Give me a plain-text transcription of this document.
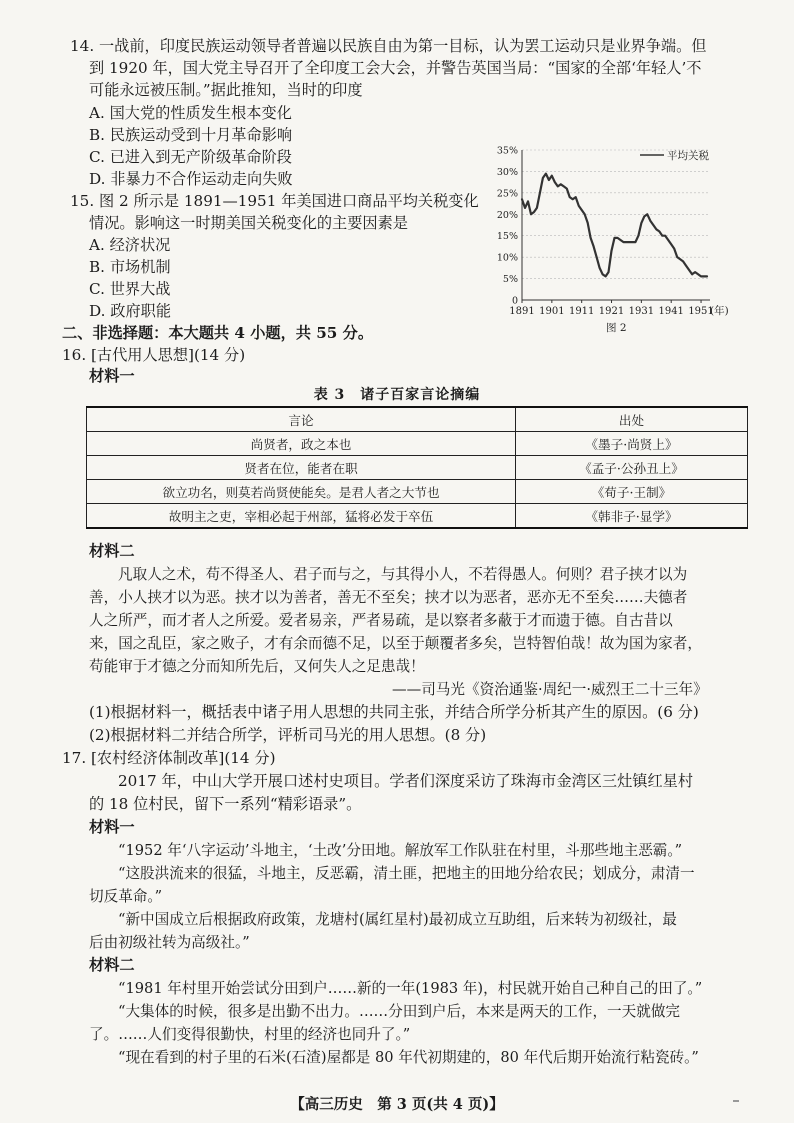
14. 一战前，印度民族运动领导者普遍以民族自由为第一目标，认为罢工运动只是业界争端。但
到 1920 年，国大党主导召开了全印度工会大会，并警告英国当局：“国家的全部‘年轻人’不
可能永远被压制。”据此推知，当时的印度
A. 国大党的性质发生根本变化
B. 民族运动受到十月革命影响
C. 已进入到无产阶级革命阶段
D. 非暴力不合作运动走向失败
15. 图 2 所示是 1891—1951 年美国进口商品平均关税变化
情况。影响这一时期美国关税变化的主要因素是
A. 经济状况
B. 市场机制
C. 世界大战
D. 政府职能
0
5%
10%
15%
20%
25%
30%
35%
1891 1901 1911 1921 1931 1941 1951
平均关税
(年)
图 2
二、非选择题：本大题共 4 小题，共 55 分。
16. [古代用人思想](14 分)
材料一
表 3　诸子百家言论摘编
言论	出处
尚贤者，政之本也	《墨子·尚贤上》
贤者在位，能者在职	《孟子·公孙丑上》
欲立功名，则莫若尚贤使能矣。是君人者之大节也	《荀子·王制》
故明主之吏，宰相必起于州部，猛将必发于卒伍	《韩非子·显学》
材料二
凡取人之术，苟不得圣人、君子而与之，与其得小人，不若得愚人。何则？君子挟才以为
善，小人挟才以为恶。挟才以为善者，善无不至矣；挟才以为恶者，恶亦无不至矣……夫德者
人之所严，而才者人之所爱。爱者易亲，严者易疏，是以察者多蔽于才而遗于德。自古昔以
来，国之乱臣，家之败子，才有余而德不足，以至于颠覆者多矣，岂特智伯哉！故为国为家者，
苟能审于才德之分而知所先后，又何失人之足患哉！
——司马光《资治通鉴·周纪一·威烈王二十三年》
(1)根据材料一，概括表中诸子用人思想的共同主张，并结合所学分析其产生的原因。(6 分)
(2)根据材料二并结合所学，评析司马光的用人思想。(8 分)
17. [农村经济体制改革](14 分)
2017 年，中山大学开展口述村史项目。学者们深度采访了珠海市金湾区三灶镇红星村
的 18 位村民，留下一系列“精彩语录”。
材料一
“1952 年‘八字运动’斗地主，‘土改’分田地。解放军工作队驻在村里，斗那些地主恶霸。”
“这股洪流来的很猛，斗地主，反恶霸，清土匪，把地主的田地分给农民；划成分，肃清一
切反革命。”
“新中国成立后根据政府政策，龙塘村(属红星村)最初成立互助组，后来转为初级社，最
后由初级社转为高级社。”
材料二
“1981 年村里开始尝试分田到户……新的一年(1983 年)，村民就开始自己种自己的田了。”
“大集体的时候，很多是出勤不出力。……分田到户后，本来是两天的工作，一天就做完
了。……人们变得很勤快，村里的经济也同升了。”
“现在看到的村子里的石米(石渣)屋都是 80 年代初期建的，80 年代后期开始流行粘瓷砖。”
【高三历史　第 3 页(共 4 页)】
